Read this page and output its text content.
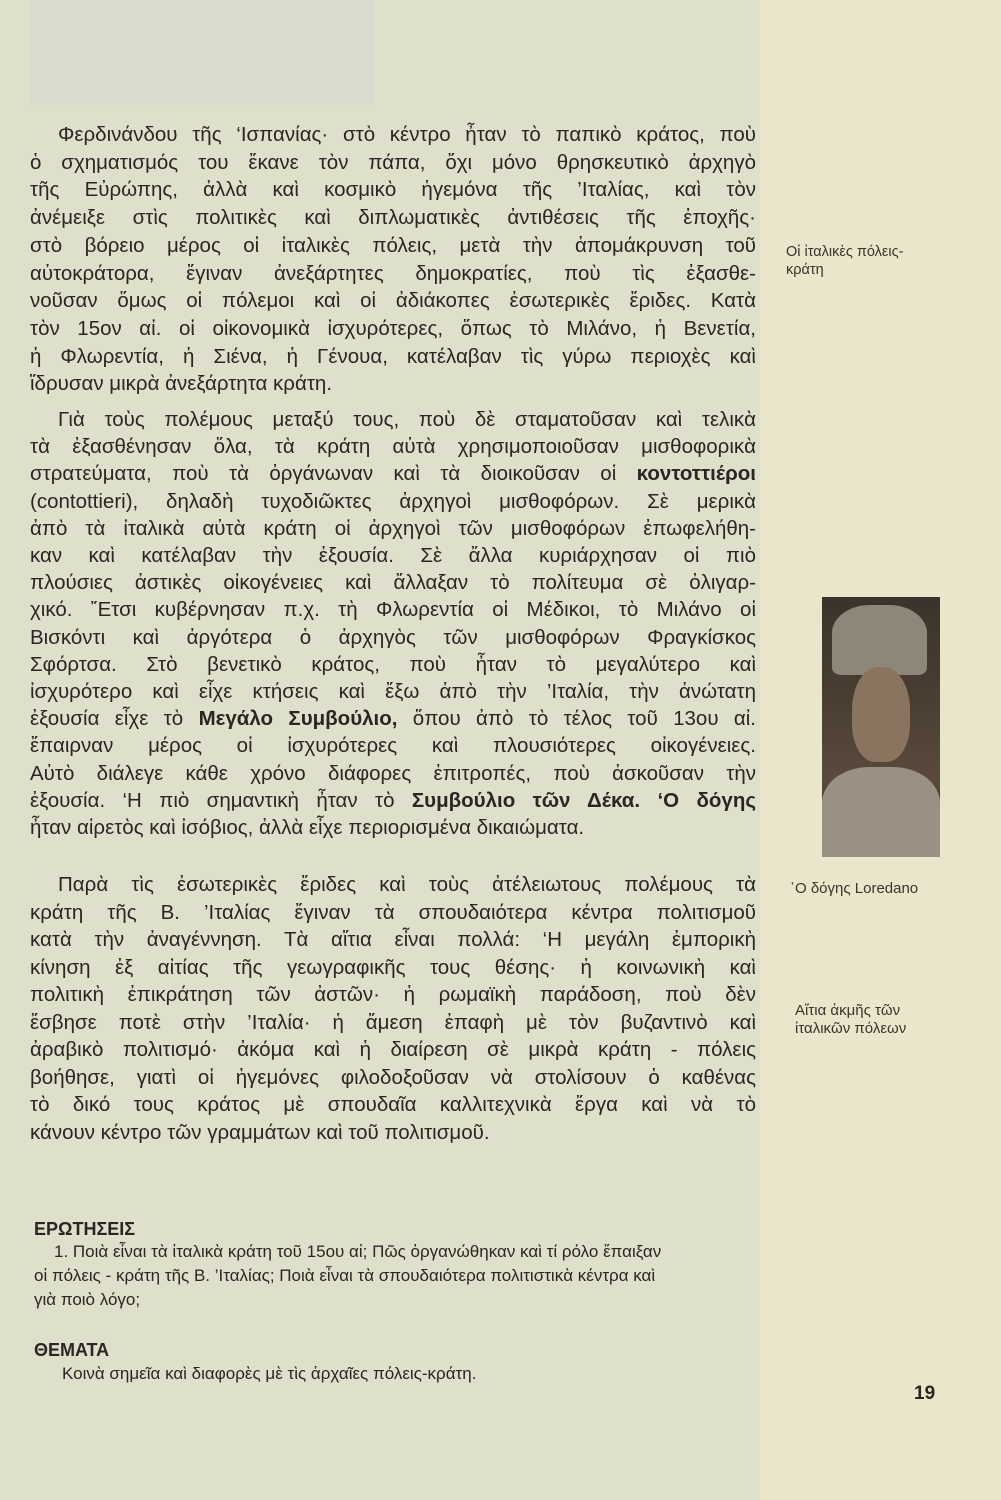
Φερδινάνδου τῆς ‘Ισπανίας· στὸ κέντρο ἦταν τὸ παπικὸ κράτος, ποὺ
ὁ σχηματισμός του ἔκανε τὸν πάπα, ὄχι μόνο θρησκευτικὸ ἀρχηγὸ
τῆς Εὐρώπης, ἀλλὰ καὶ κοσμικὸ ἡγεμόνα τῆς ’Ιταλίας, καὶ τὸν
ἀνέμειξε στὶς πολιτικὲς καὶ διπλωματικὲς ἀντιθέσεις τῆς ἐποχῆς·
στὸ βόρειο μέρος οἱ ἰταλικὲς πόλεις, μετὰ τὴν ἀπομάκρυνση τοῦ
αὐτοκράτορα, ἔγιναν ἀνεξάρτητες δημοκρατίες, ποὺ τὶς ἐξασθε-
νοῦσαν ὅμως οἱ πόλεμοι καὶ οἱ ἀδιάκοπες ἐσωτερικὲς ἔριδες. Κατὰ
τὸν 15ον αἰ. οἱ οἰκονομικὰ ἰσχυρότερες, ὅπως τὸ Μιλάνο, ἡ Βενετία,
ἡ Φλωρεντία, ἡ Σιένα, ἡ Γένουα, κατέλαβαν τὶς γύρω περιοχὲς καὶ
ἵδρυσαν μικρὰ ἀνεξάρτητα κράτη.
Γιὰ τοὺς πολέμους μεταξύ τους, ποὺ δὲ σταματοῦσαν καὶ τελικὰ
τὰ ἐξασθένησαν ὅλα, τὰ κράτη αὐτὰ χρησιμοποιοῦσαν μισθοφορικὰ
στρατεύματα, ποὺ τὰ ὀργάνωναν καὶ τὰ διοικοῦσαν οἱ κοντοττιέροι
(contottieri), δηλαδὴ τυχοδιῶκτες ἀρχηγοὶ μισθοφόρων. Σὲ μερικὰ
ἀπὸ τὰ ἰταλικὰ αὐτὰ κράτη οἱ ἀρχηγοὶ τῶν μισθοφόρων ἐπωφελήθη-
καν καὶ κατέλαβαν τὴν ἐξουσία. Σὲ ἄλλα κυριάρχησαν οἱ πιὸ
πλούσιες ἀστικὲς οἰκογένειες καὶ ἄλλαξαν τὸ πολίτευμα σὲ ὀλιγαρ-
χικό. ῎Ετσι κυβέρνησαν π.χ. τὴ Φλωρεντία οἱ Μέδικοι, τὸ Μιλάνο οἱ
Βισκόντι καὶ ἀργότερα ὁ ἀρχηγὸς τῶν μισθοφόρων Φραγκίσκος
Σφόρτσα. Στὸ βενετικὸ κράτος, ποὺ ἦταν τὸ μεγαλύτερο καὶ
ἰσχυρότερο καὶ εἶχε κτήσεις καὶ ἔξω ἀπὸ τὴν ’Ιταλία, τὴν ἀνώτατη
ἐξουσία εἶχε τὸ Μεγάλο Συμβούλιο, ὅπου ἀπὸ τὸ τέλος τοῦ 13ου αἰ.
ἔπαιρναν μέρος οἱ ἰσχυρότερες καὶ πλουσιότερες οἰκογένειες.
Αὐτὸ διάλεγε κάθε χρόνο διάφορες ἐπιτροπές, ποὺ ἀσκοῦσαν τὴν
ἐξουσία. ‘Η πιὸ σημαντικὴ ἦταν τὸ Συμβούλιο τῶν Δέκα. ‘Ο δόγης
ἦταν αἱρετὸς καὶ ἰσόβιος, ἀλλὰ εἶχε περιορισμένα δικαιώματα.
Παρὰ τὶς ἐσωτερικὲς ἔριδες καὶ τοὺς ἀτέλειωτους πολέμους τὰ
κράτη τῆς Β. ’Ιταλίας ἔγιναν τὰ σπουδαιότερα κέντρα πολιτισμοῦ
κατὰ τὴν ἀναγέννηση. Τὰ αἴτια εἶναι πολλά: ‘Η μεγάλη ἐμπορικὴ
κίνηση ἐξ αἰτίας τῆς γεωγραφικῆς τους θέσης· ἡ κοινωνικὴ καὶ
πολιτικὴ ἐπικράτηση τῶν ἀστῶν· ἡ ρωμαϊκὴ παράδοση, ποὺ δὲν
ἔσβησε ποτὲ στὴν ’Ιταλία· ἡ ἄμεση ἐπαφὴ μὲ τὸν βυζαντινὸ καὶ
ἀραβικὸ πολιτισμό· ἀκόμα καὶ ἡ διαίρεση σὲ μικρὰ κράτη - πόλεις
βοήθησε, γιατὶ οἱ ἡγεμόνες φιλοδοξοῦσαν νὰ στολίσουν ὁ καθένας
τὸ δικό τους κράτος μὲ σπουδαῖα καλλιτεχνικὰ ἔργα καὶ νὰ τὸ
κάνουν κέντρο τῶν γραμμάτων καὶ τοῦ πολιτισμοῦ.
Οἱ ἰταλικὲς πόλεις-κράτη
῾Ο δόγης Loredano
Αἴτια ἀκμῆς τῶν ἰταλικῶν πόλεων
ΕΡΩΤΗΣΕΙΣ
1. Ποιὰ εἶναι τὰ ἰταλικὰ κράτη τοῦ 15ου αἰ; Πῶς ὀργανώθηκαν καὶ τί ρόλο ἔπαιξαν
οἱ πόλεις - κράτη τῆς Β. ’Ιταλίας; Ποιὰ εἶναι τὰ σπουδαιότερα πολιτιστικὰ κέντρα καὶ
γιὰ ποιὸ λόγο;
ΘΕΜΑΤΑ
Κοινὰ σημεῖα καὶ διαφορὲς μὲ τὶς ἀρχαῖες πόλεις-κράτη.
19
